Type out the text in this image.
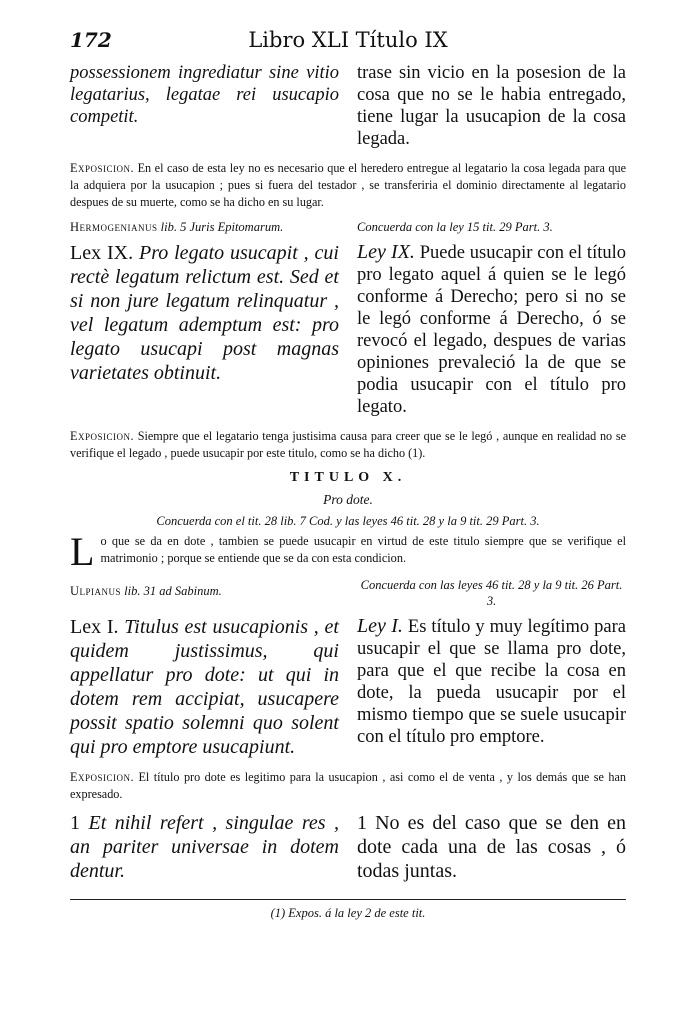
172	Libro XLI Título IX
possessionem ingrediatur sine vitio legatarius, legatae rei usucapio competit.
trase sin vicio en la posesion de la cosa que no se le habia entregado, tiene lugar la usucapion de la cosa legada.
Exposicion. En el caso de esta ley no es necesario que el heredero entregue al legatario la cosa legada para que la adquiera por la usucapion ; pues si fuera del testador , se transferiria el dominio directamente al legatario despues de su muerte, como se ha dicho en su lugar.
Hermogenianus lib. 5 Juris Epitomarum.	Concuerda con la ley 15 tit. 29 Part. 3.
Lex IX. Pro legato usucapit , cui rectè legatum relictum est. Sed et si non jure legatum relinquatur , vel legatum ademptum est: pro legato usucapi post magnas varietates obtinuit.
Ley IX. Puede usucapir con el título pro legato aquel á quien se le legó conforme á Derecho; pero si no se le legó conforme á Derecho, ó se revocó el legado, despues de varias opiniones prevaleció la de que se podia usucapir con el título pro legato.
Exposicion. Siempre que el legatario tenga justisima causa para creer que se le legó , aunque en realidad no se verifique el legado , puede usucapir por este titulo, como se ha dicho (1).
TITULO X.
Pro dote.
Concuerda con el tit. 28 lib. 7 Cod. y las leyes 46 tit. 28 y la 9 tit. 29 Part. 3.
L o que se da en dote , tambien se puede usucapir en virtud de este titulo siempre que se verifique el matrimonio ; porque se entiende que se da con esta condicion.
Ulpianus lib. 31 ad Sabinum.	Concuerda con las leyes 46 tit. 28 y la 9 tit. 26 Part. 3.
Lex I. Titulus est usucapionis , et quidem justissimus, qui appellatur pro dote: ut qui in dotem rem accipiat, usucapere possit spatio solemni quo solent qui pro emptore usucapiunt.
Ley I. Es título y muy legítimo para usucapir el que se llama pro dote, para que el que recibe la cosa en dote, la pueda usucapir por el mismo tiempo que se suele usucapir con el título pro emptore.
Exposicion. El título pro dote es legitimo para la usucapion , asi como el de venta , y los demás que se han expresado.
1 Et nihil refert , singulae res , an pariter universae in dotem dentur.
1 No es del caso que se den en dote cada una de las cosas , ó todas juntas.
(1) Expos. á la ley 2 de este tit.
